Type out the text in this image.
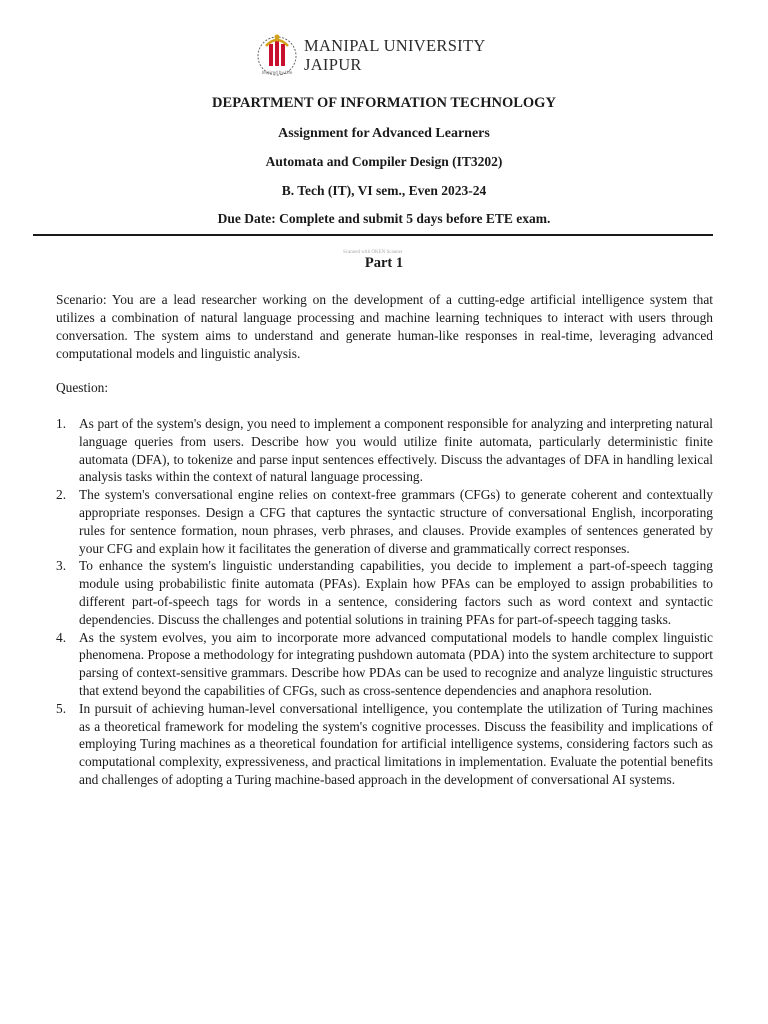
Inspired by Life
MANIPAL UNIVERSITY
JAIPUR
DEPARTMENT OF INFORMATION TECHNOLOGY
Assignment for Advanced Learners
Automata and Compiler Design (IT3202)
B. Tech (IT), VI sem., Even 2023-24
Due Date: Complete and submit 5 days before ETE exam.
Scanned with OKEN Scanner
Part 1

Scenario: You are a lead researcher working on the development of a cutting-edge artificial intelligence system that utilizes a combination of natural language processing and machine learning techniques to interact with users through conversation. The system aims to understand and generate human-like responses in real-time, leveraging advanced computational models and linguistic analysis.

Question:

1. As part of the system's design, you need to implement a component responsible for analyzing and interpreting natural language queries from users. Describe how you would utilize finite automata, particularly deterministic finite automata (DFA), to tokenize and parse input sentences effectively. Discuss the advantages of DFA in handling lexical analysis tasks within the context of natural language processing.
2. The system's conversational engine relies on context-free grammars (CFGs) to generate coherent and contextually appropriate responses. Design a CFG that captures the syntactic structure of conversational English, incorporating rules for sentence formation, noun phrases, verb phrases, and clauses. Provide examples of sentences generated by your CFG and explain how it facilitates the generation of diverse and grammatically correct responses.
3. To enhance the system's linguistic understanding capabilities, you decide to implement a part-of-speech tagging module using probabilistic finite automata (PFAs). Explain how PFAs can be employed to assign probabilities to different part-of-speech tags for words in a sentence, considering factors such as word context and syntactic dependencies. Discuss the challenges and potential solutions in training PFAs for part-of-speech tagging tasks.
4. As the system evolves, you aim to incorporate more advanced computational models to handle complex linguistic phenomena. Propose a methodology for integrating pushdown automata (PDA) into the system architecture to support parsing of context-sensitive grammars. Describe how PDAs can be used to recognize and analyze linguistic structures that extend beyond the capabilities of CFGs, such as cross-sentence dependencies and anaphora resolution.
5. In pursuit of achieving human-level conversational intelligence, you contemplate the utilization of Turing machines as a theoretical framework for modeling the system's cognitive processes. Discuss the feasibility and implications of employing Turing machines as a theoretical foundation for artificial intelligence systems, considering factors such as computational complexity, expressiveness, and practical limitations in implementation. Evaluate the potential benefits and challenges of adopting a Turing machine-based approach in the development of conversational AI systems.
